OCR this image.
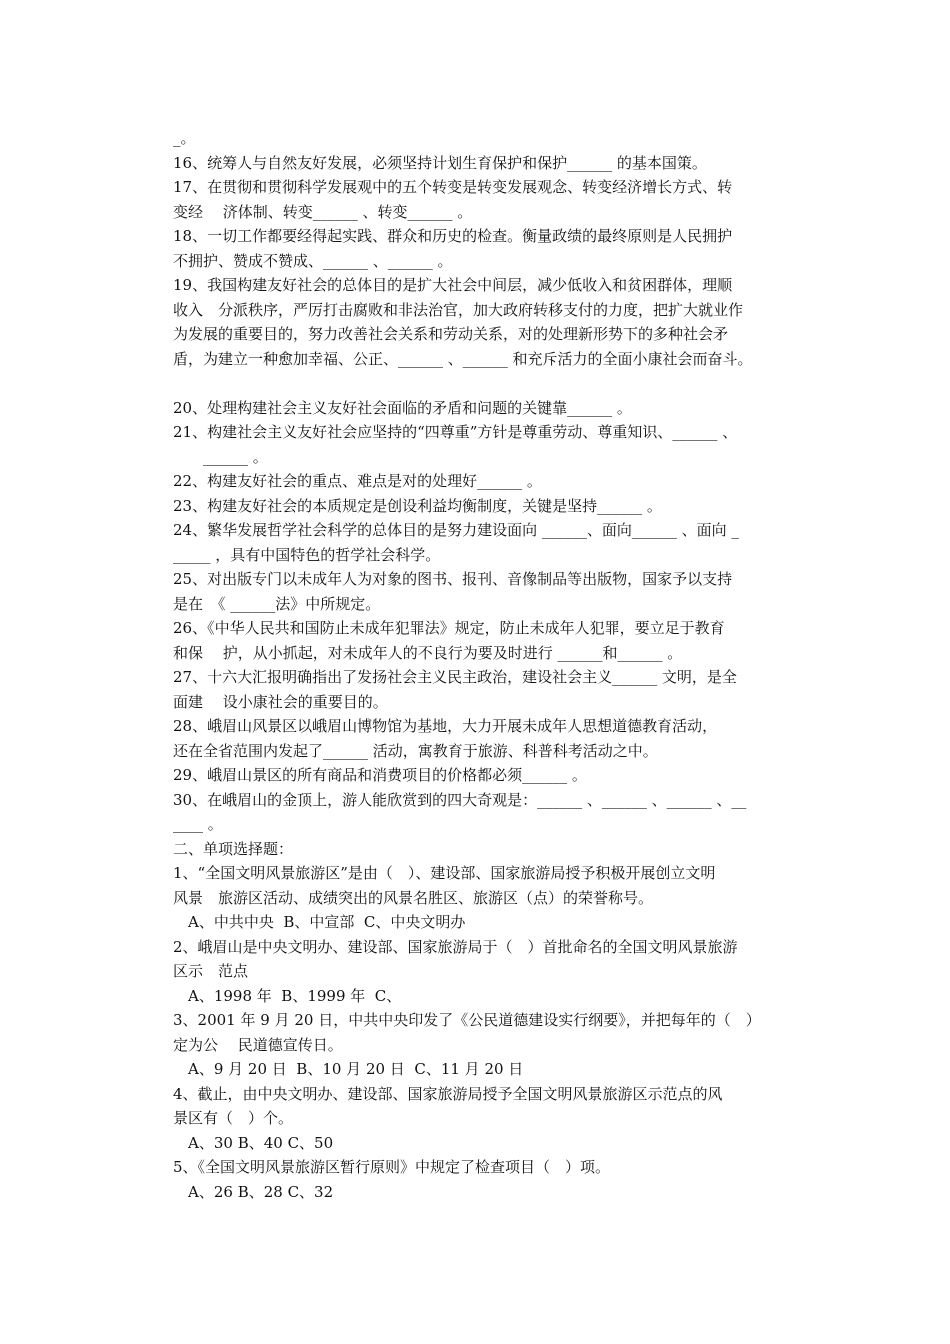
_。
16、统筹人与自然友好发展，必须坚持计划生育保护和保护______ 的基本国策。
17、在贯彻和贯彻科学发展观中的五个转变是转变发展观念、转变经济增长方式、转
变经　 济体制、转变______ 、转变______ 。
18、一切工作都要经得起实践、群众和历史的检查。衡量政绩的最终原则是人民拥护
不拥护、赞成不赞成、______ 、______ 。
19、我国构建友好社会的总体目的是扩大社会中间层，减少低收入和贫困群体，理顺
收入　分派秩序，严厉打击腐败和非法治官，加大政府转移支付的力度，把扩大就业作
为发展的重要目的，努力改善社会关系和劳动关系，对的处理新形势下的多种社会矛
盾，为建立一种愈加幸福、公正、______ 、______ 和充斥活力的全面小康社会而奋斗。
20、处理构建社会主义友好社会面临的矛盾和问题的关键靠______ 。
21、构建社会主义友好社会应坚持的“四尊重”方针是尊重劳动、尊重知识、______ 、
　　______ 。
22、构建友好社会的重点、难点是对的处理好______ 。
23、构建友好社会的本质规定是创设利益均衡制度，关键是坚持______ 。
24、繁华发展哲学社会科学的总体目的是努力建设面向 ______、面向______ 、面向 _
_____ ，具有中国特色的哲学社会科学。
25、对出版专门以未成年人为对象的图书、报刊、音像制品等出版物，国家予以支持
是在　《 ______法》中所规定。
26、《中华人民共和国防止未成年犯罪法》规定，防止未成年人犯罪，要立足于教育
和保　 护，从小抓起，对未成年人的不良行为要及时进行 ______和______ 。
27、十六大汇报明确指出了发扬社会主义民主政治，建设社会主义______ 文明，是全
面建　 设小康社会的重要目的。
28、峨眉山风景区以峨眉山博物馆为基地，大力开展未成年人思想道德教育活动，
还在全省范围内发起了______ 活动，寓教育于旅游、科普科考活动之中。
29、峨眉山景区的所有商品和消费项目的价格都必须______ 。
30、在峨眉山的金顶上，游人能欣赏到的四大奇观是：______ 、______ 、______ 、__
____ 。
二、单项选择题：
1、“全国文明风景旅游区”是由（　）、建设部、国家旅游局授予积极开展创立文明
风景　旅游区活动、成绩突出的风景名胜区、旅游区（点）的荣誉称号。
　A、中共中央  B、中宣部  C、中央文明办
2、峨眉山是中央文明办、建设部、国家旅游局于（　）首批命名的全国文明风景旅游
区示　范点
　A、1998 年  B、1999 年  C、
3、2001 年 9 月 20 日，中共中央印发了《公民道德建设实行纲要》，并把每年的（　）
定为公　 民道德宣传日。
　A、9 月 20 日  B、10 月 20 日  C、11 月 20 日
4、截止，由中央文明办、建设部、国家旅游局授予全国文明风景旅游区示范点的风
景区有（　）个。
　A、30 B、40 C、50
5、《全国文明风景旅游区暂行原则》中规定了检查项目（　）项。
　A、26 B、28 C、32
